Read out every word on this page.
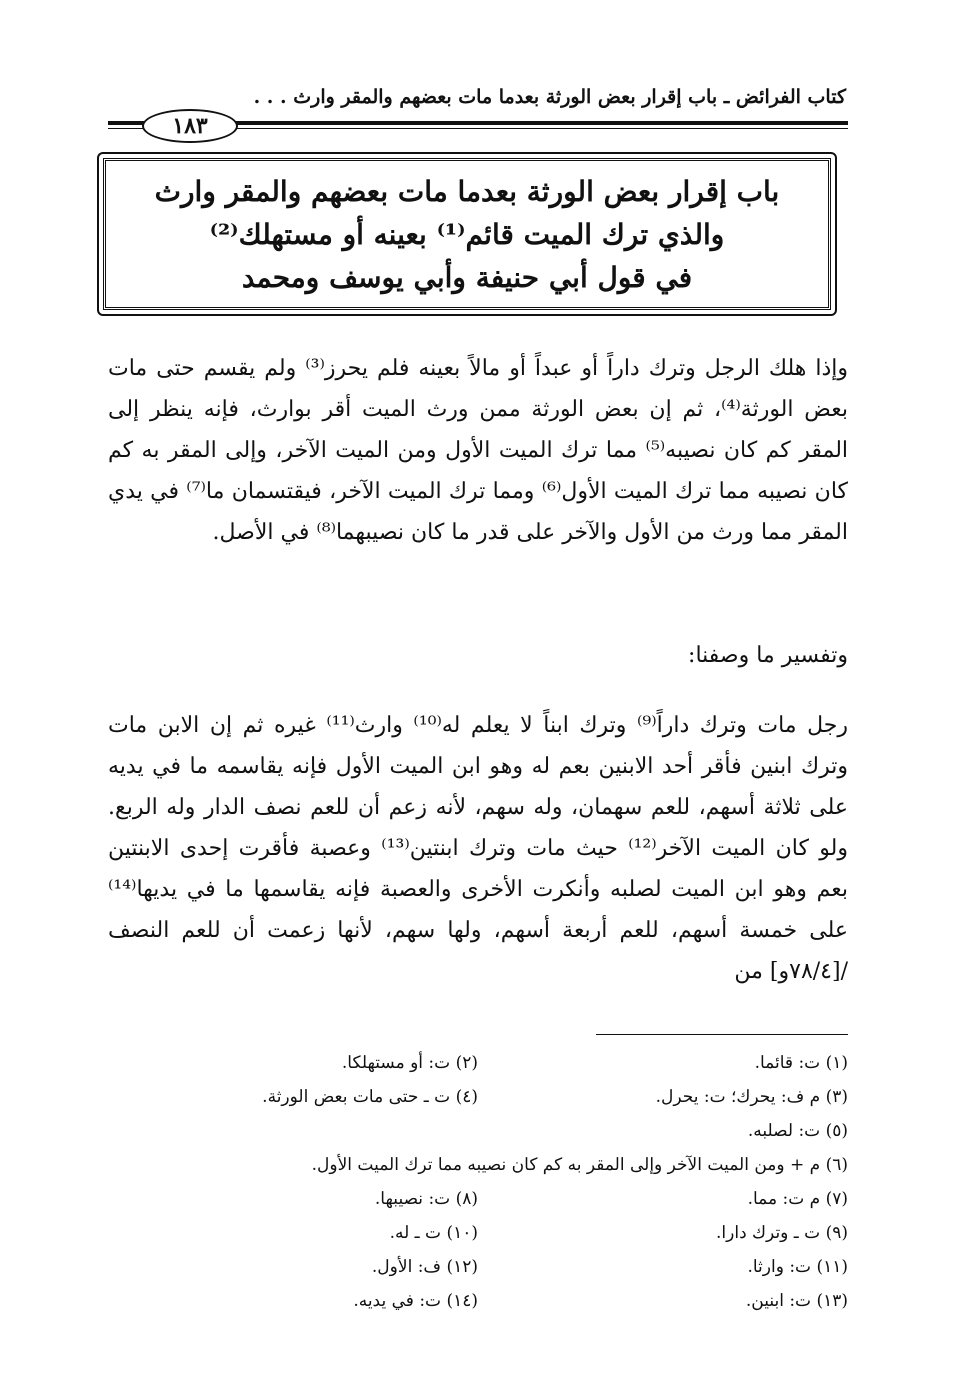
كتاب الفرائض ـ باب إقرار بعض الورثة بعدما مات بعضهم والمقر وارث . . .
١٨٣
باب إقرار بعض الورثة بعدما مات بعضهم والمقر وارث
والذي ترك الميت قائم⁽¹⁾ بعينه أو مستهلك⁽²⁾
في قول أبي حنيفة وأبي يوسف ومحمد
وإذا هلك الرجل وترك داراً أو عبداً أو مالاً بعينه فلم يحرز⁽³⁾ ولم يقسم حتى مات بعض الورثة⁽⁴⁾، ثم إن بعض الورثة ممن ورث الميت أقر بوارث، فإنه ينظر إلى المقر كم كان نصيبه⁽⁵⁾ مما ترك الميت الأول ومن الميت الآخر، وإلى المقر به كم كان نصيبه مما ترك الميت الأول⁽⁶⁾ ومما ترك الميت الآخر، فيقتسمان ما⁽⁷⁾ في يدي المقر مما ورث من الأول والآخر على قدر ما كان نصيبهما⁽⁸⁾ في الأصل.
وتفسير ما وصفنا:
رجل مات وترك داراً⁽⁹⁾ وترك ابناً لا يعلم له⁽¹⁰⁾ وارث⁽¹¹⁾ غيره ثم إن الابن مات وترك ابنين فأقر أحد الابنين بعم له وهو ابن الميت الأول فإنه يقاسمه ما في يديه على ثلاثة أسهم، للعم سهمان، وله سهم، لأنه زعم أن للعم نصف الدار وله الربع. ولو كان الميت الآخر⁽¹²⁾ حيث مات وترك ابنتين⁽¹³⁾ وعصبة فأقرت إحدى الابنتين بعم وهو ابن الميت لصلبه وأنكرت الأخرى والعصبة فإنه يقاسمها ما في يديها⁽¹⁴⁾ على خمسة أسهم، للعم أربعة أسهم، ولها سهم، لأنها زعمت أن للعم النصف /[٧٨/٤و] من
(١) ت: قائما.
(٢) ت: أو مستهلكا.
(٣) م ف: يحرك؛ ت: يحرل.
(٤) ت ـ حتى مات بعض الورثة.
(٥) ت: لصلبه.
(٦) م + ومن الميت الآخر وإلى المقر به كم كان نصيبه مما ترك الميت الأول.
(٧) م ت: مما.
(٨) ت: نصيبها.
(٩) ت ـ وترك دارا.
(١٠) ت ـ له.
(١١) ت: وارثا.
(١٢) ف: الأول.
(١٣) ت: ابنين.
(١٤) ت: في يديه.
